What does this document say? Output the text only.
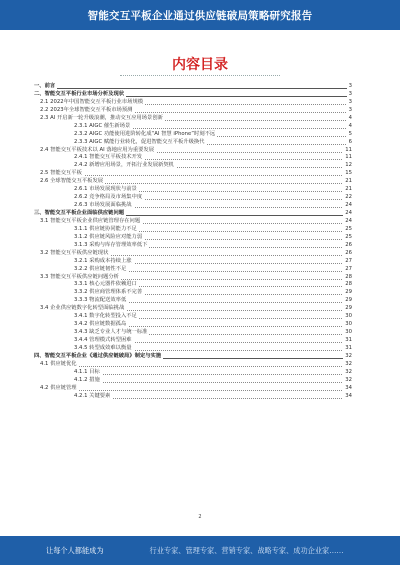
智能交互平板企业通过供应链破局策略研究报告
内容目录
一、前言	3
二、智能交互平板行业市场分析及现状	3
2.1 2022年中国智能交互平板行业市场规模	3
2.2 2023年全球智能交互平板市场预测	3
2.3 AI 开启新一轮升级浪潮，推动交互应用场景创新	4
2.3.1 AIGC 催生新场景	4
2.3.2 AIGC 功能使用进阶转化成“AI 智慧 iPhone”时刻不远	5
2.3.3 AIGC 赋能行业转化，促进智能交互平板升级换代	6
2.4 智能交互平板技术以 AI 落地应用为重要发展	11
2.4.1 智能交互平板技术开发	11
2.4.2 新增应用场景，开拓行业发展新契机	12
2.5 智能交互平板	15
2.6 全球智能交互平板发展	21
2.6.1 市场发展现状与前景	21
2.6.2 竞争格局及市场集中度	22
2.6.3 市场发展面临挑战	24
三、智能交互平板企业面临供应链问题	24
3.1 智能交互平板企业供应链管理存在问题	24
3.1.1 供应链协同能力不足	25
3.1.2 供应链风险应对能力弱	25
3.1.3 采购与库存管理效率低下	26
3.2 智能交互平板供应链现状	26
3.2.1 采购成本持续上涨	27
3.2.2 供应链韧性不足	27
3.3 智能交互平板供应链问题分析	28
3.3.1 核心元器件依赖进口	28
3.3.2 供应商管理体系不完善	29
3.3.3 物流配送效率低	29
3.4 企业供应链数字化转型面临挑战	29
3.4.1 数字化转型投入不足	30
3.4.2 供应链数据孤岛	30
3.4.3 缺乏专业人才与统一标准	30
3.4.4 管理模式转型困难	31
3.4.5 转型成效难以衡量	31
四、智能交互平板企业《通过供应链破局》制定与实施	32
4.1 供应链优化	32
4.1.1 目标	32
4.1.2 措施	32
4.2 供应链管理	34
4.2.1 关键要素	34
2
让每个人都能成为	行业专家、管理专家、营销专家、战略专家、成功企业家……
